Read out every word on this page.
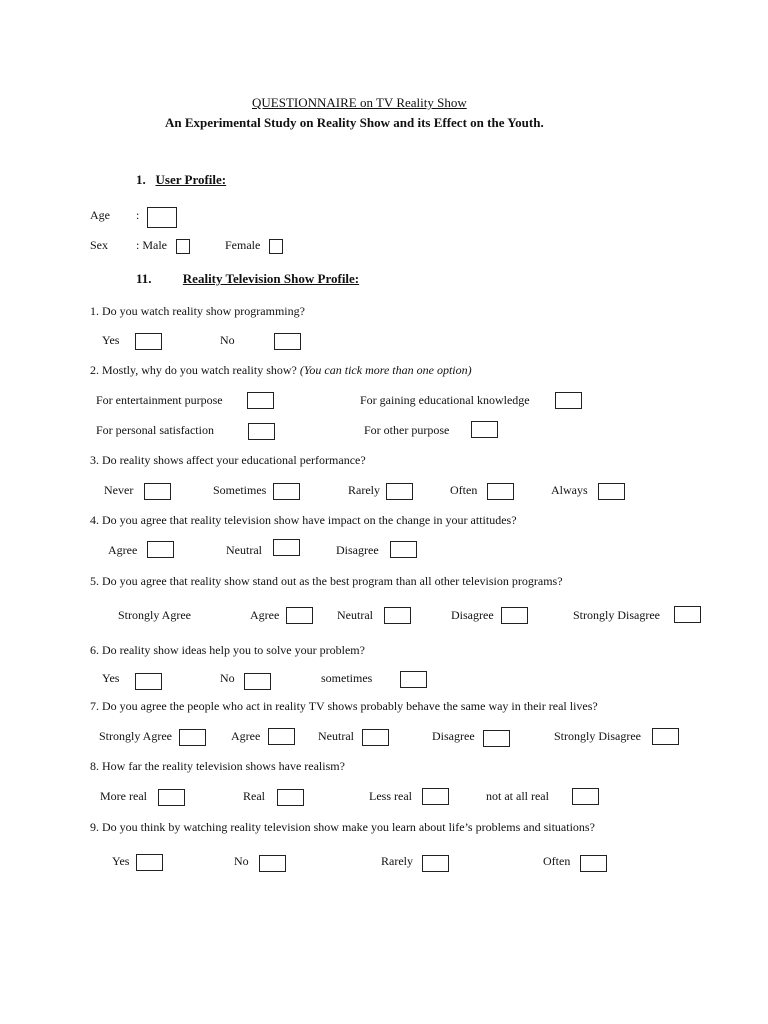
QUESTIONNAIRE on TV Reality Show
An Experimental Study on Reality Show and its Effect on the Youth.
1. User Profile:
Age :
Sex : Male	Female
11. Reality Television Show Profile:
1. Do you watch reality show programming?
Yes	No
2. Mostly, why do you watch reality show? (You can tick more than one option)
For entertainment purpose	For gaining educational knowledge
For personal satisfaction	For other purpose
3. Do reality shows affect your educational performance?
Never	Sometimes	Rarely	Often	Always
4. Do you agree that reality television show have impact on the change in your attitudes?
Agree	Neutral	Disagree
5. Do you agree that reality show stand out as the best program than all other television programs?
Strongly Agree	Agree	Neutral	Disagree	Strongly Disagree
6. Do reality show ideas help you to solve your problem?
Yes	No	sometimes
7. Do you agree the people who act in reality TV shows probably behave the same way in their real lives?
Strongly Agree	Agree	Neutral	Disagree	Strongly Disagree
8. How far the reality television shows have realism?
More real	Real	Less real	not at all real
9. Do you think by watching reality television show make you learn about life’s problems and situations?
Yes	No	Rarely	Often
